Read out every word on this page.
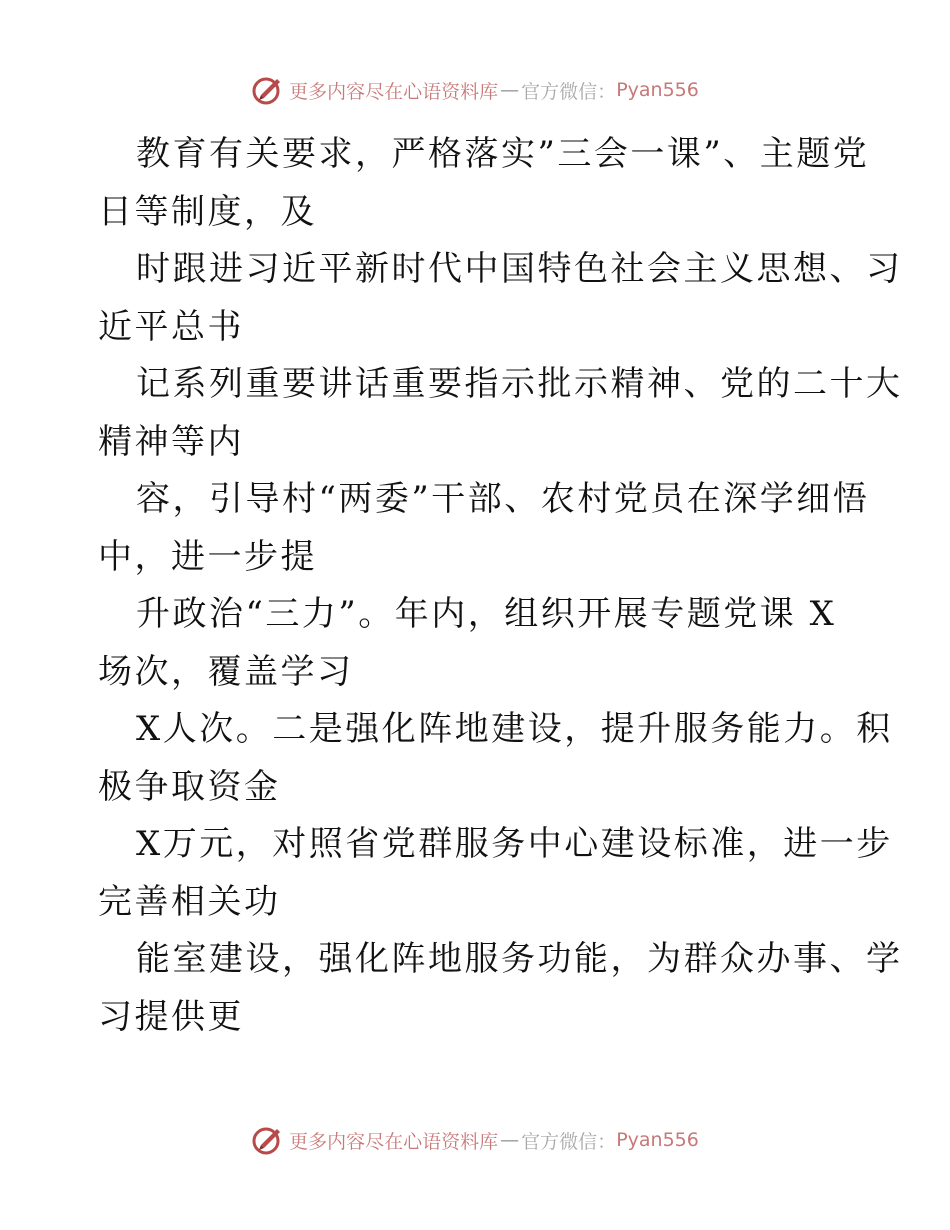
更多内容尽在心语资料库 — 官方微信： Pyan556
教育有关要求，严格落实”三会一课”、主题党
日等制度，及
时跟进习近平新时代中国特色社会主义思想、习
近平总书
记系列重要讲话重要指示批示精神、党的二十大
精神等内
容，引导村“两委”干部、农村党员在深学细悟
中，进一步提
升政治“三力”。年内，组织开展专题党课 X
场次，覆盖学习
X人次。二是强化阵地建设，提升服务能力。积
极争取资金
X万元，对照省党群服务中心建设标准，进一步
完善相关功
能室建设，强化阵地服务功能，为群众办事、学
习提供更
更多内容尽在心语资料库 — 官方微信： Pyan556
